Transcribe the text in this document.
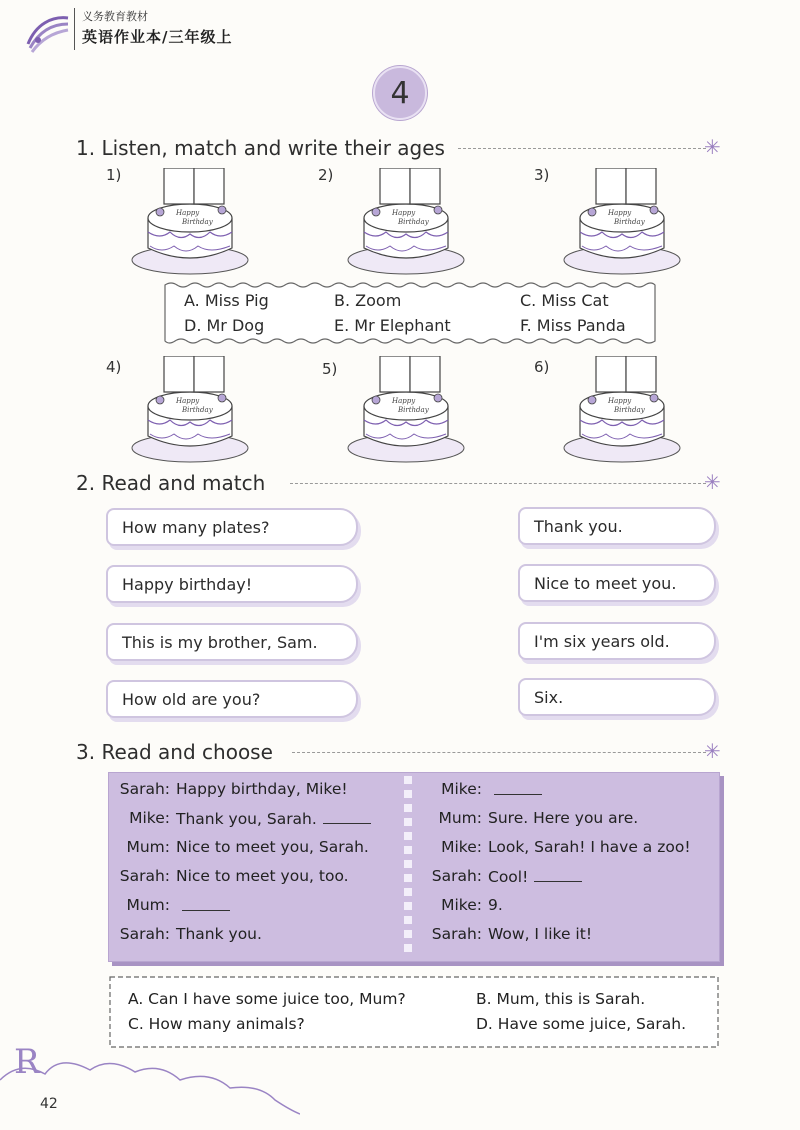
义务教育教材
英语作业本/三年级上
4
1. Listen, match and write their ages	✳
1)	2)	3)
4)	5)	6)
Happy
Birthday
Happy
Birthday
Happy
Birthday
Happy
Birthday
Happy
Birthday
Happy
Birthday
A. Miss Pig	B. Zoom	C. Miss Cat
D. Mr Dog	E. Mr Elephant	F. Miss Panda
2. Read and match	✳
How many plates?
Happy birthday!
This is my brother, Sam.
How old are you?
Thank you.
Nice to meet you.
I'm six years old.
Six.
3. Read and choose	✳
Sarah: Happy birthday, Mike!
Mike: Thank you, Sarah.
Mum: Nice to meet you, Sarah.
Sarah: Nice to meet you, too.
Mum:
Sarah: Thank you.
Mike:
Mum: Sure. Here you are.
Mike: Look, Sarah! I have a zoo!
Sarah: Cool!
Mike: 9.
Sarah: Wow, I like it!
A. Can I have some juice too, Mum?	B. Mum, this is Sarah.
C. How many animals?	D. Have some juice, Sarah.
R
42
